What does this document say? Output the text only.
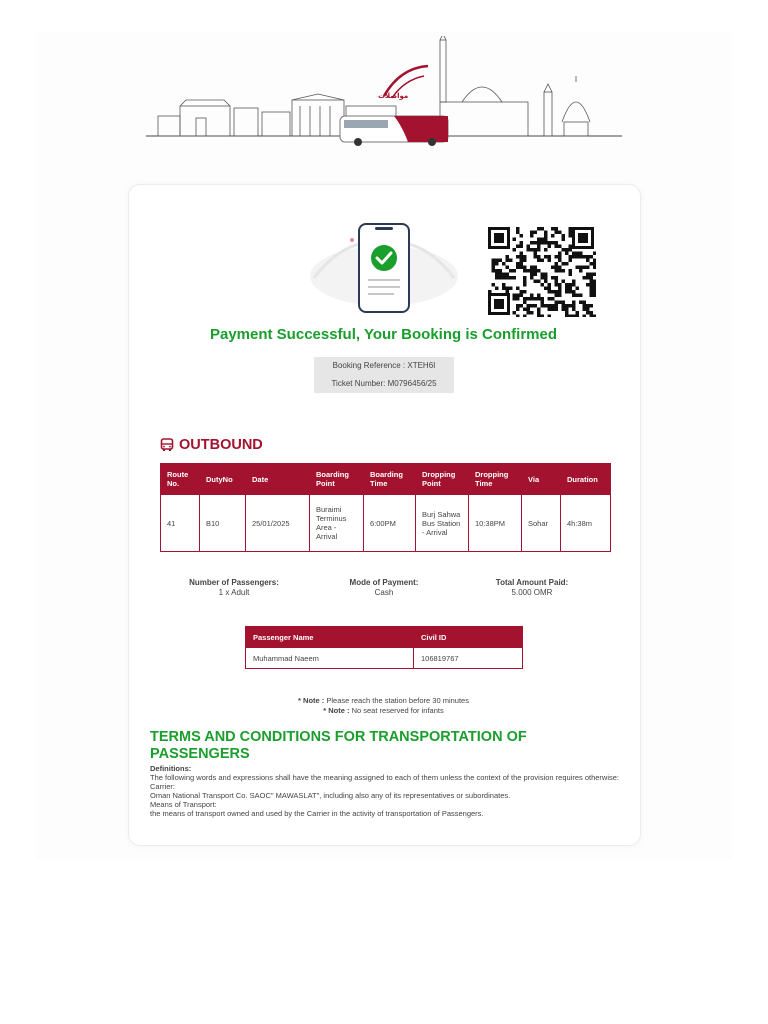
مواصلات
Payment Successful, Your Booking is Confirmed
Booking Reference : XTEH6I
Ticket Number: M0796456/25
OUTBOUND
Route No.	DutyNo	Date	Boarding Point	Boarding Time	Dropping Point	Dropping Time	Via	Duration
41	B10	25/01/2025	Buraimi Terminus Area - Arrival	6:00PM	Burj Sahwa Bus Station - Arrival	10:38PM	Sohar	4h:38m
Number of Passengers:
1 x Adult
Mode of Payment:
Cash
Total Amount Paid:
5.000 OMR
Passenger Name	Civil ID
Muhammad Naeem	106819767
* Note : Please reach the station before 30 minutes
* Note : No seat reserved for infants
TERMS AND CONDITIONS FOR TRANSPORTATION OF PASSENGERS
Definitions:
The following words and expressions shall have the meaning assigned to each of them unless the context of the provision requires otherwise:
Carrier:
Oman National Transport Co. SAOC" MAWASLAT", including also any of its representatives or subordinates.
Means of Transport:
the means of transport owned and used by the Carrier in the activity of transportation of Passengers.
